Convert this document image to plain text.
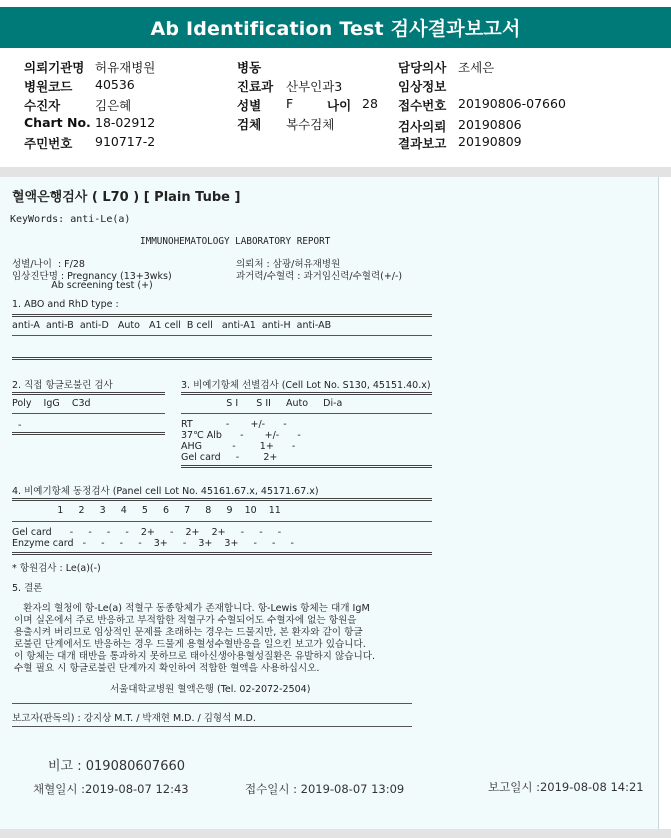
Ab Identification Test 검사결과보고서
의뢰기관명 허유재병원
병원코드 40536
수진자	김은혜
Chart No. 18-02912
주민번호 910717-2
병동
진료과 산부인과3
성별 F	나이 28
검체 복수검체
담당의사 조세은
임상정보
접수번호 20190806-07660
검사의뢰 20190806
결과보고 20190809
혈액은행검사 ( L70 ) [ Plain Tube ]
KeyWords: anti-Le(a)
IMMUNOHEMATOLOGY LABORATORY REPORT
성별/나이  : F/28
임상진단명 : Pregnancy (13+3wks)
Ab screening test (+)
의뢰처 : 삼광/허유재병원
과거력/수혈력 : 과거임신력/수혈력(+/-)
1. ABO and RhD type :
anti-A  anti-B  anti-D   Auto   A1 cell  B cell   anti-A1  anti-H  anti-AB
2. 직접 항글로불린 검사
Poly    IgG    C3d
-
3. 비예기항체 선별검사 (Cell Lot No. S130, 45151.40.x)
S I      S II     Auto     Di-a
RT           -       +/-      -
37℃ Alb      -       +/-      -
AHG          -        1+      -
Gel card     -        2+
4. 비예기항체 동정검사 (Panel cell Lot No. 45161.67.x, 45171.67.x)
1     2     3     4     5     6     7     8     9    10    11
Gel card      -     -     -     -    2+     -    2+    2+     -     -     -
Enzyme card   -     -     -     -    3+     -    3+    3+     -     -     -
* 항원검사 : Le(a)(-)
5. 결론
환자의 혈청에 항-Le(a) 적혈구 동종항체가 존재합니다. 항-Lewis 항체는 대개 IgM
이며 실온에서 주로 반응하고 부적합한 적혈구가 수혈되어도 수혈자에 없는 항원을
용출시켜 버리므로 임상적인 문제를 초래하는 경우는 드물지만, 본 환자와 같이 항글
로불린 단계에서도 반응하는 경우 드물게 용혈성수혈반응을 일으킨 보고가 있습니다.
이 항체는 대개 태반을 통과하지 못하므로 태아신생아용혈성질환은 유발하지 않습니다.
수혈 필요 시 항글로불린 단계까지 확인하여 적합한 혈액을 사용하십시오.
서울대학교병원 혈액은행 (Tel. 02-2072-2504)
보고자(판독의) : 강지상 M.T. / 박재현 M.D. / 김형석 M.D.
비고 : 019080607660
채혈일시 :2019-08-07 12:43	접수일시 : 2019-08-07 13:09	보고일시 :2019-08-08 14:21
